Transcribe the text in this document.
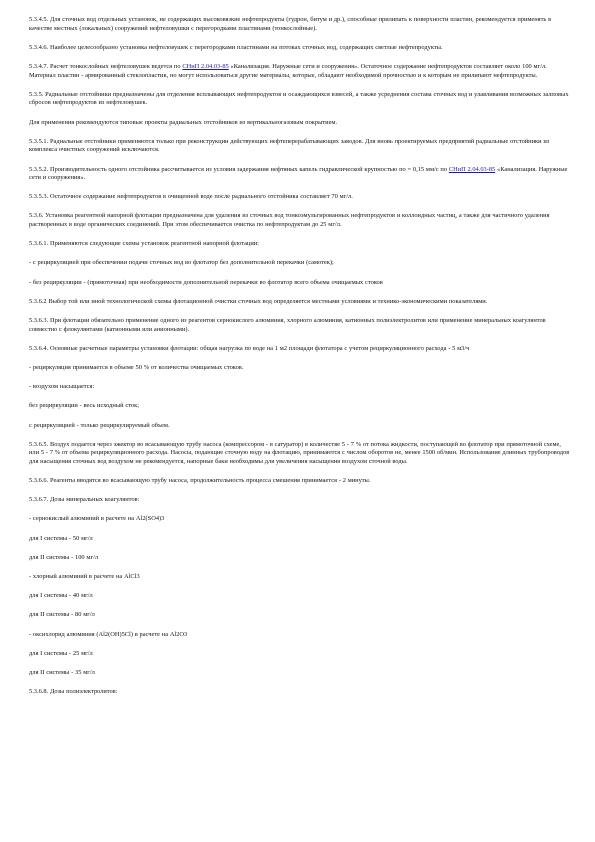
5.3.4.5. Для сточных вод отдельных установок, не содержащих высоковязкие нефтепродукты (гудрон, битум и др.), способные прилипать к поверхности пластин, рекомендуется применять в качестве местных (локальных) сооружений нефтеловушки с перегородками пластинами (тонкослойные).

5.3.4.6. Наиболее целесообразно установка нефтеловушек с перегородками пластинами на потоках сточных вод, содержащих светлые нефтепродукты.

5.3.4.7. Расчет тонкослойных нефтеловушек ведется по СНиП 2.04.03-85 «Канализация. Наружные сети и сооружения». Остаточное содержание нефтепродуктов составляет около 100 мг/л. Материал пластин - армированный стеклопластик, но могут использоваться другие материалы, которые, обладают необходимой прочностью и к которым не прилипают нефтепродукты.

5.3.5. Радиальные отстойники предназначены для отделения всплывающих нефтепродуктов и осаждающихся взвесей, а также усреднения состава сточных вод и улавливания возможных залповых сбросов нефтепродуктов из нефтеловушек.

Для применения рекомендуются типовые проекты радиальных отстойников из вертикальногазовым покрытием.

5.3.5.1. Радиальные отстойники применяются только при реконструкции действующих нефтеперерабатывающих заводов. Для вновь проектируемых предприятий радиальные отстойники из комплекса очистных сооружений исключаются.

5.3.5.2. Производительность одного отстойника рассчитывается из условия задержания нефтяных капель гидравлической крупностью по = 0,15 мм/с по СНиП 2.04.03-85 «Канализация. Наружные сети и сооружения».

5.3.5.3. Остаточное содержание нефтепродуктов в очищенной воде после радиального отстойника составляет 70 мг/л.

5.3.6. Установка реагентной напорной флотации предназначена для удаления из сточных вод тонкоэмульгированных нефтепродуктов и коллоидных частиц, а также для частичного удаления растворенных в воде органических соединений. При этом обеспечивается очистка по нефтепродуктам до 25 мг/л.

5.3.6.1. Применяются следующие схемы установок реагентной напорной флотации:

- с рециркуляцией при обеспечении подачи сточных вод во флотатор без дополнительной перекачки (самотек);

- без рециркуляции - (прямоточная) при необходимости дополнительной перекачки во флотатор всего объема очищаемых стоков

5.3.6.2 Выбор той или иной технологической схемы флотационной очистки сточных вод определяется местными условиями и технико-экономическими показателями.

5.3.6.3. При флотации обязательно применение одного из реагентов сернокислого алюминия, хлорного алюминия, катионных полиэлектролитов или применение минеральных коагулянтов совместно с флокулянтами (катионными или анионными).

5.3.6.4. Основные расчетные параметры установки флотации: общая нагрузка по воде на 1 м2 площади флотатора с учетом рециркуляционного расхода - 5 м3/ч

- рециркуляция принимается в объеме 50 % от количества очищаемых стоков.

- воздухом насыщается:

без рециркуляции - весь исходный сток;

с рециркуляцией - только рециркулируемый объем.

5.3.6.5. Воздух подается через эжектор во всасывающую трубу насоса (компрессором - в сатуратор) в количестве 5 - 7 % от потока жидкости, поступающей во флотатор при прямоточной схеме, или 5 - 7 % от объема рециркуляционного расхода. Насосы, подающие сточную воду на флотацию, принимаются с числом оборотов не, менее 1500 об/мин. Использование длинных трубопроводов для насыщения сточных вод воздухом не рекомендуется, напорные баки необходимы для увеличения насыщения воздухом сточной воды.

5.3.6.6. Реагенты вводятся во всасывающую трубу насоса, продолжительность процесса смешения принимается - 2 минуты.

5.3.6.7. Дозы минеральных коагулянтов:

- сернокислый алюминий в расчете на Al2(SO4)3

для I системы - 50 мг/л

для II системы - 100 мг/л

- хлорный алюминий в расчете на AlCl3

для I системы - 40 мг/л

для II системы - 80 мг/л

- оксихлорид алюминия (Al2(OH)5Cl) в расчете на Al2O3

для I системы - 25 мг/л

для II системы - 35 мг/л

5.3.6.8. Дозы полиэлектролитов:
